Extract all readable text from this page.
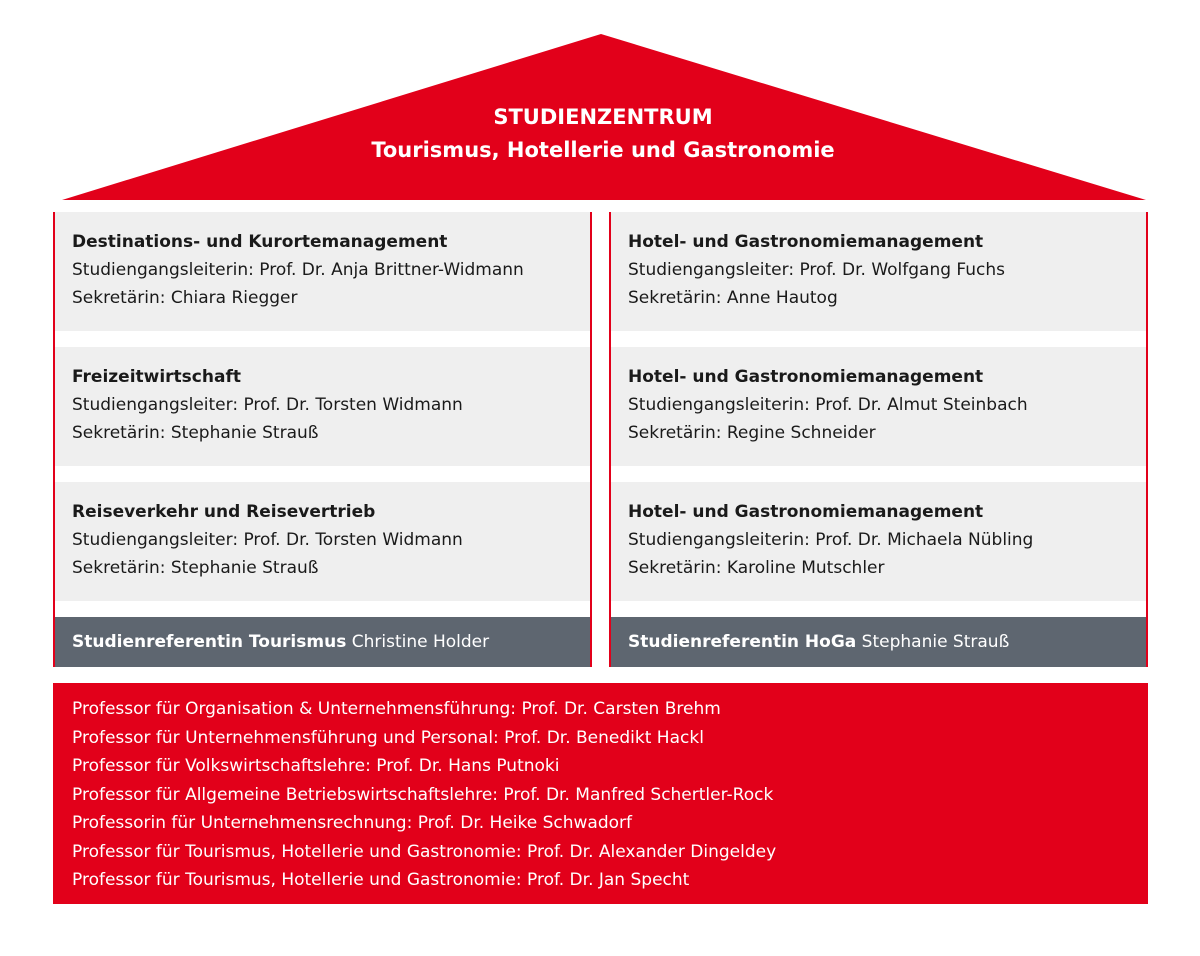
STUDIENZENTRUM
Tourismus, Hotellerie und Gastronomie
Destinations- und Kurortemanagement
Studiengangsleiterin: Prof. Dr. Anja Brittner-Widmann
Sekretärin: Chiara Riegger
Freizeitwirtschaft
Studiengangsleiter: Prof. Dr. Torsten Widmann
Sekretärin: Stephanie Strauß
Reiseverkehr und Reisevertrieb
Studiengangsleiter: Prof. Dr. Torsten Widmann
Sekretärin: Stephanie Strauß
Studienreferentin Tourismus Christine Holder
Hotel- und Gastronomiemanagement
Studiengangsleiter: Prof. Dr. Wolfgang Fuchs
Sekretärin: Anne Hautog
Hotel- und Gastronomiemanagement
Studiengangsleiterin: Prof. Dr. Almut Steinbach
Sekretärin: Regine Schneider
Hotel- und Gastronomiemanagement
Studiengangsleiterin: Prof. Dr. Michaela Nübling
Sekretärin: Karoline Mutschler
Studienreferentin HoGa Stephanie Strauß
Professor für Organisation & Unternehmensführung: Prof. Dr. Carsten Brehm
Professor für Unternehmensführung und Personal: Prof. Dr. Benedikt Hackl
Professor für Volkswirtschaftslehre: Prof. Dr. Hans Putnoki
Professor für Allgemeine Betriebswirtschaftslehre: Prof. Dr. Manfred Schertler-Rock
Professorin für Unternehmensrechnung: Prof. Dr. Heike Schwadorf
Professor für Tourismus, Hotellerie und Gastronomie: Prof. Dr. Alexander Dingeldey
Professor für Tourismus, Hotellerie und Gastronomie: Prof. Dr. Jan Specht
